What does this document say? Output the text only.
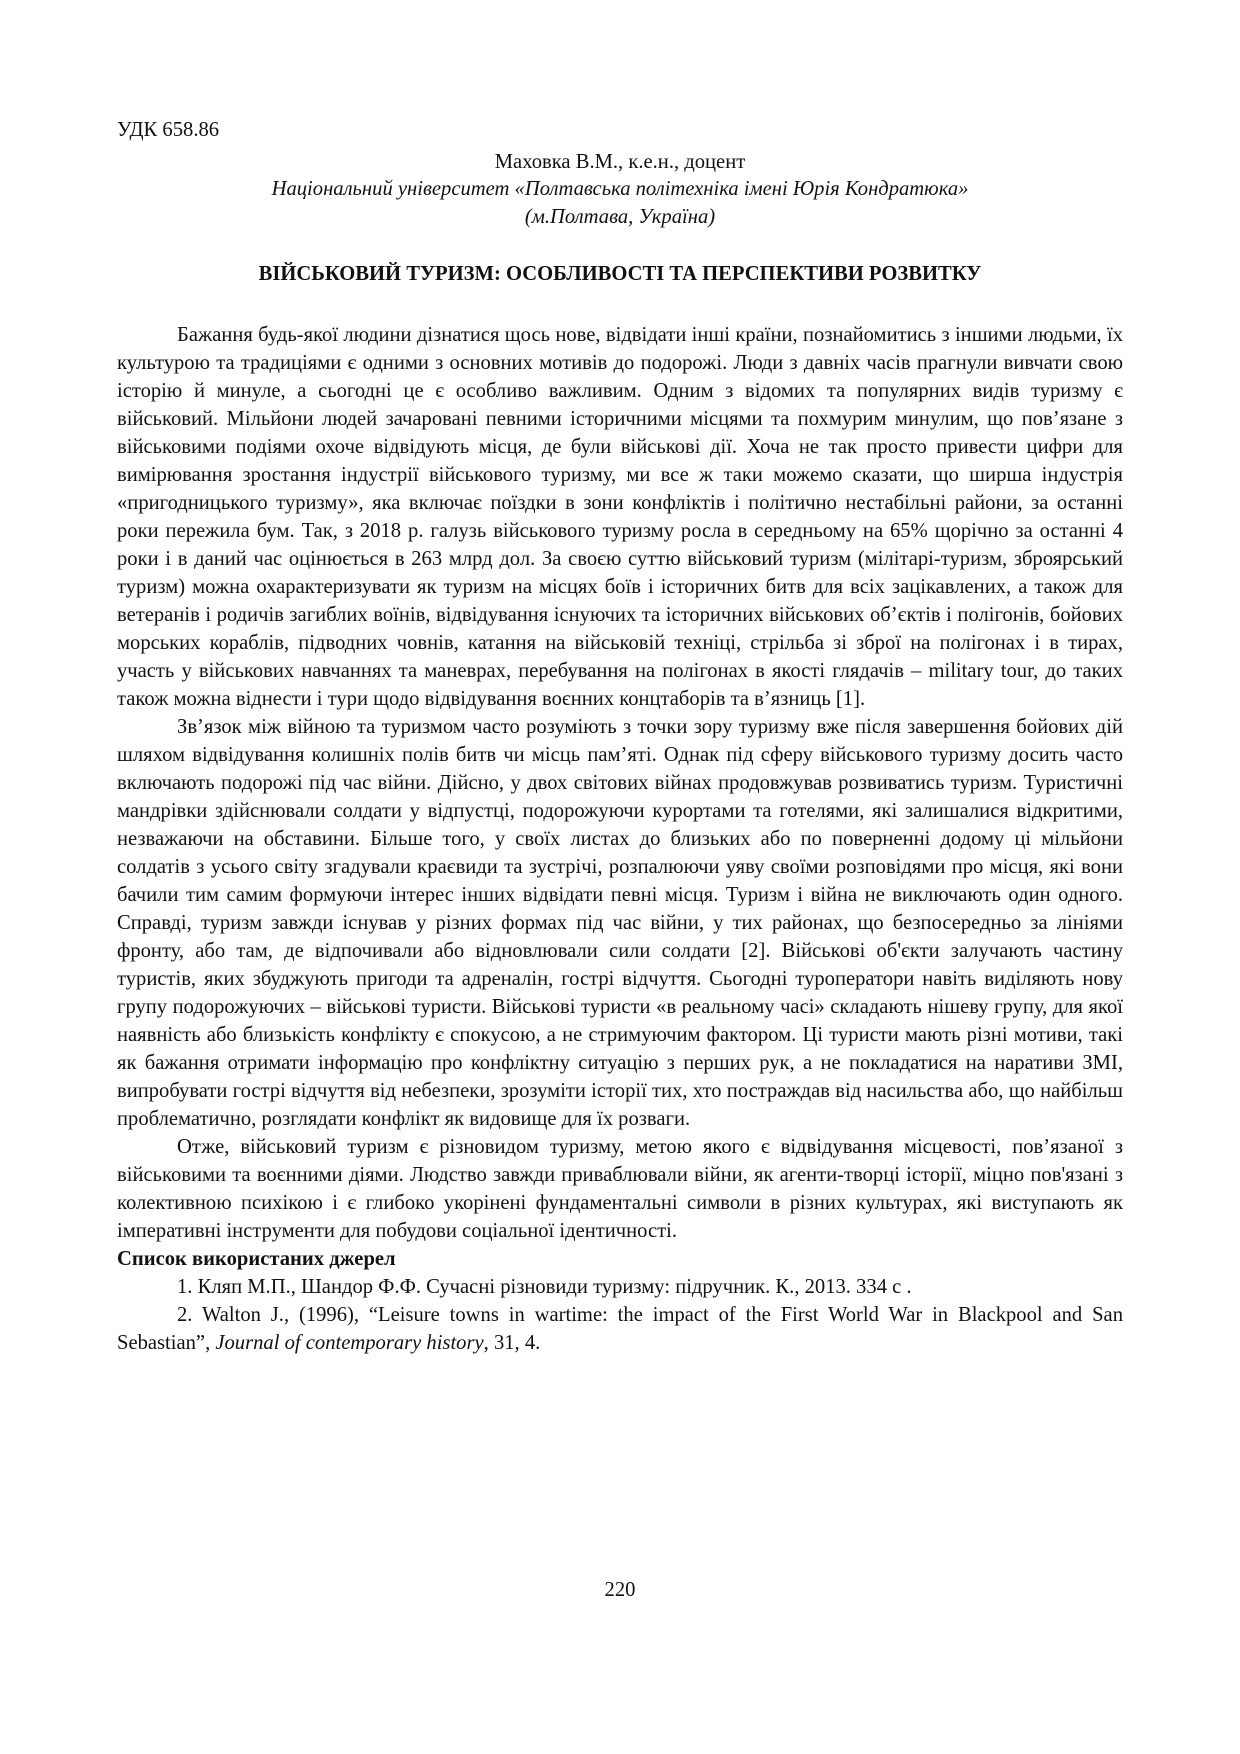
УДК 658.86
Маховка В.М., к.е.н., доцент
Національний університет «Полтавська політехніка імені Юрія Кондратюка»
(м.Полтава, Україна)
ВІЙСЬКОВИЙ ТУРИЗМ: ОСОБЛИВОСТІ ТА ПЕРСПЕКТИВИ РОЗВИТКУ

Бажання будь-якої людини дізнатися щось нове, відвідати інші країни, познайомитись з іншими людьми, їх культурою та традиціями є одними з основних мотивів до подорожі. Люди з давніх часів прагнули вивчати свою історію й минуле, а сьогодні це є особливо важливим. Одним з відомих та популярних видів туризму є військовий. Мільйони людей зачаровані певними історичними місцями та похмурим минулим, що пов’язане з військовими подіями охоче відвідують місця, де були військові дії. Хоча не так просто привести цифри для вимірювання зростання індустрії військового туризму, ми все ж таки можемо сказати, що ширша індустрія «пригодницького туризму», яка включає поїздки в зони конфліктів і політично нестабільні райони, за останні роки пережила бум. Так, з 2018 р. галузь військового туризму росла в середньому на 65% щорічно за останні 4 роки і в даний час оцінюється в 263 млрд дол. За своєю суттю військовий туризм (мілітарі-туризм, зброярський туризм) можна охарактеризувати як туризм на місцях боїв і історичних битв для всіх зацікавлених, а також для ветеранів і родичів загиблих воїнів, відвідування існуючих та історичних військових об’єктів і полігонів, бойових морських кораблів, підводних човнів, катання на військовій техніці, стрільба зі зброї на полігонах і в тирах, участь у військових навчаннях та маневрах, перебування на полігонах в якості глядачів – military tour, до таких також можна віднести і тури щодо відвідування воєнних концтаборів та в’язниць [1].

Зв’язок між війною та туризмом часто розуміють з точки зору туризму вже після завершення бойових дій шляхом відвідування колишніх полів битв чи місць пам’яті. Однак під сферу військового туризму досить часто включають подорожі під час війни. Дійсно, у двох світових війнах продовжував розвиватись туризм. Туристичні мандрівки здійснювали солдати у відпустці, подорожуючи курортами та готелями, які залишалися відкритими, незважаючи на обставини. Більше того, у своїх листах до близьких або по поверненні додому ці мільйони солдатів з усього світу згадували краєвиди та зустрічі, розпалюючи уяву своїми розповідями про місця, які вони бачили тим самим формуючи інтерес інших відвідати певні місця. Туризм і війна не виключають один одного. Справді, туризм завжди існував у різних формах під час війни, у тих районах, що безпосередньо за лініями фронту, або там, де відпочивали або відновлювали сили солдати [2]. Військові об'єкти залучають частину туристів, яких збуджують пригоди та адреналін, гострі відчуття. Сьогодні туроператори навіть виділяють нову групу подорожуючих – військові туристи. Військові туристи «в реальному часі» складають нішеву групу, для якої наявність або близькість конфлікту є спокусою, а не стримуючим фактором. Ці туристи мають різні мотиви, такі як бажання отримати інформацію про конфліктну ситуацію з перших рук, а не покладатися на наративи ЗМІ, випробувати гострі відчуття від небезпеки, зрозуміти історії тих, хто постраждав від насильства або, що найбільш проблематично, розглядати конфлікт як видовище для їх розваги.

Отже, військовий туризм є різновидом туризму, метою якого є відвідування місцевості, пов’язаної з військовими та воєнними діями. Людство завжди приваблювали війни, як агенти-творці історії, міцно пов'язані з колективною психікою і є глибоко укорінені фундаментальні символи в різних культурах, які виступають як імперативні інструменти для побудови соціальної ідентичності.

Список використаних джерел

1. Кляп М.П., Шандор Ф.Ф. Сучасні різновиди туризму: підручник. К., 2013. 334 с .

2. Walton J., (1996), “Leisure towns in wartime: the impact of the First World War in Blackpool and San Sebastian”, Journal of contemporary history, 31, 4.

220
